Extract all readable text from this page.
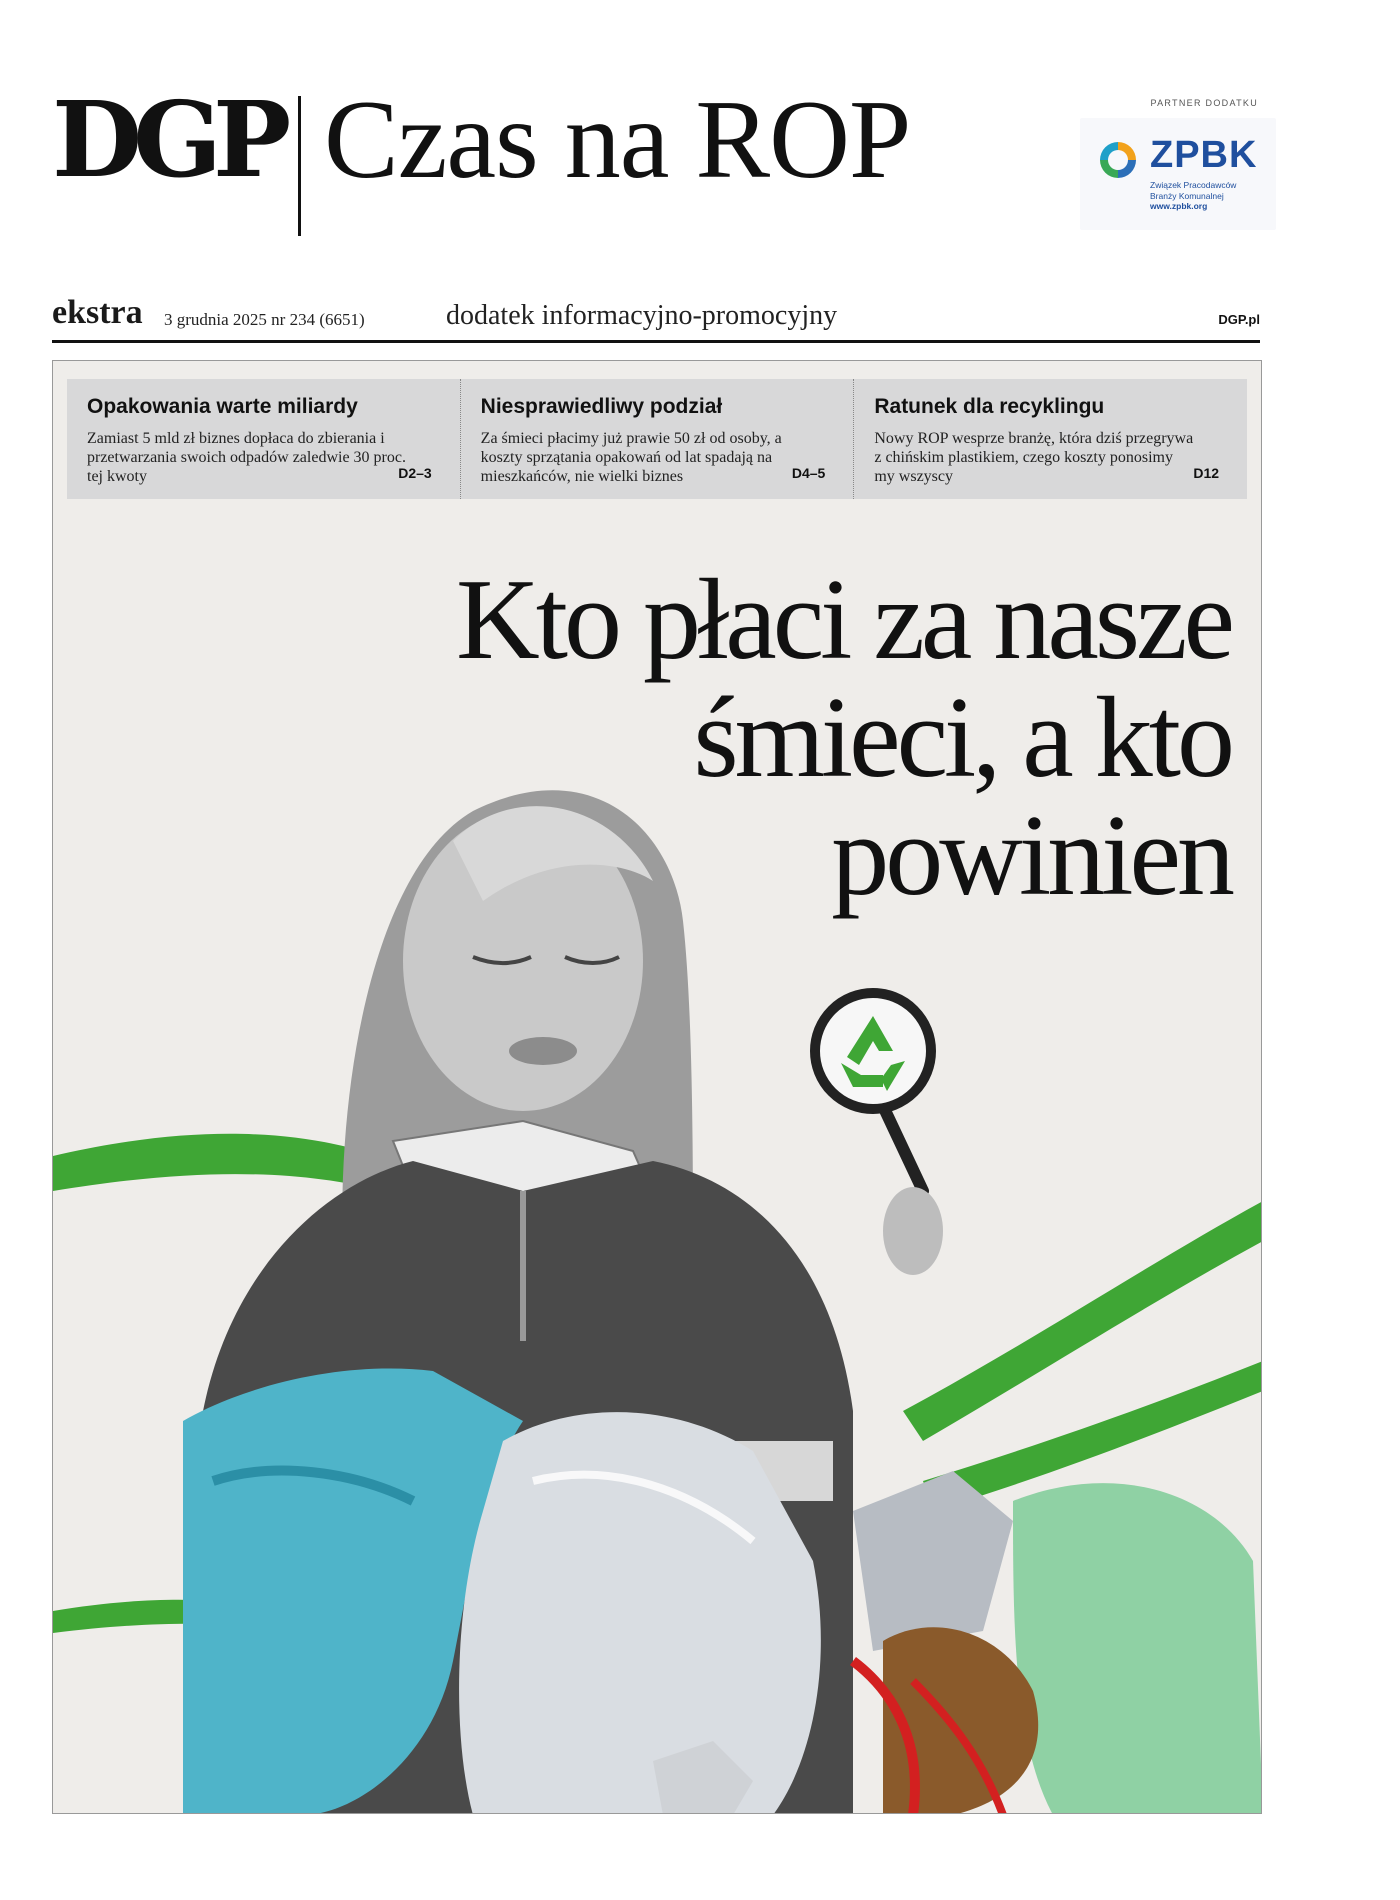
DGP Czas na ROP	PARTNER DODATKU
ZPBK
Związek Pracodawców
Branży Komunalnej
www.zpbk.org
ekstra 3 grudnia 2025 nr 234 (6651)	dodatek informacyjno-promocyjny	DGP.pl
Opakowania warte miliardy
Zamiast 5 mld zł biznes dopłaca do zbierania i przetwarzania swoich odpadów zaledwie 30 proc. tej kwoty	D2–3
Niesprawiedliwy podział
Za śmieci płacimy już prawie 50 zł od osoby, a koszty sprzątania opakowań od lat spadają na mieszkańców, nie wielki biznes	D4–5
Ratunek dla recyklingu
Nowy ROP wesprze branżę, która dziś przegrywa z chińskim plastikiem, czego koszty ponosimy my wszyscy	D12
Kto płaci za nasze
śmieci, a kto
powinien
